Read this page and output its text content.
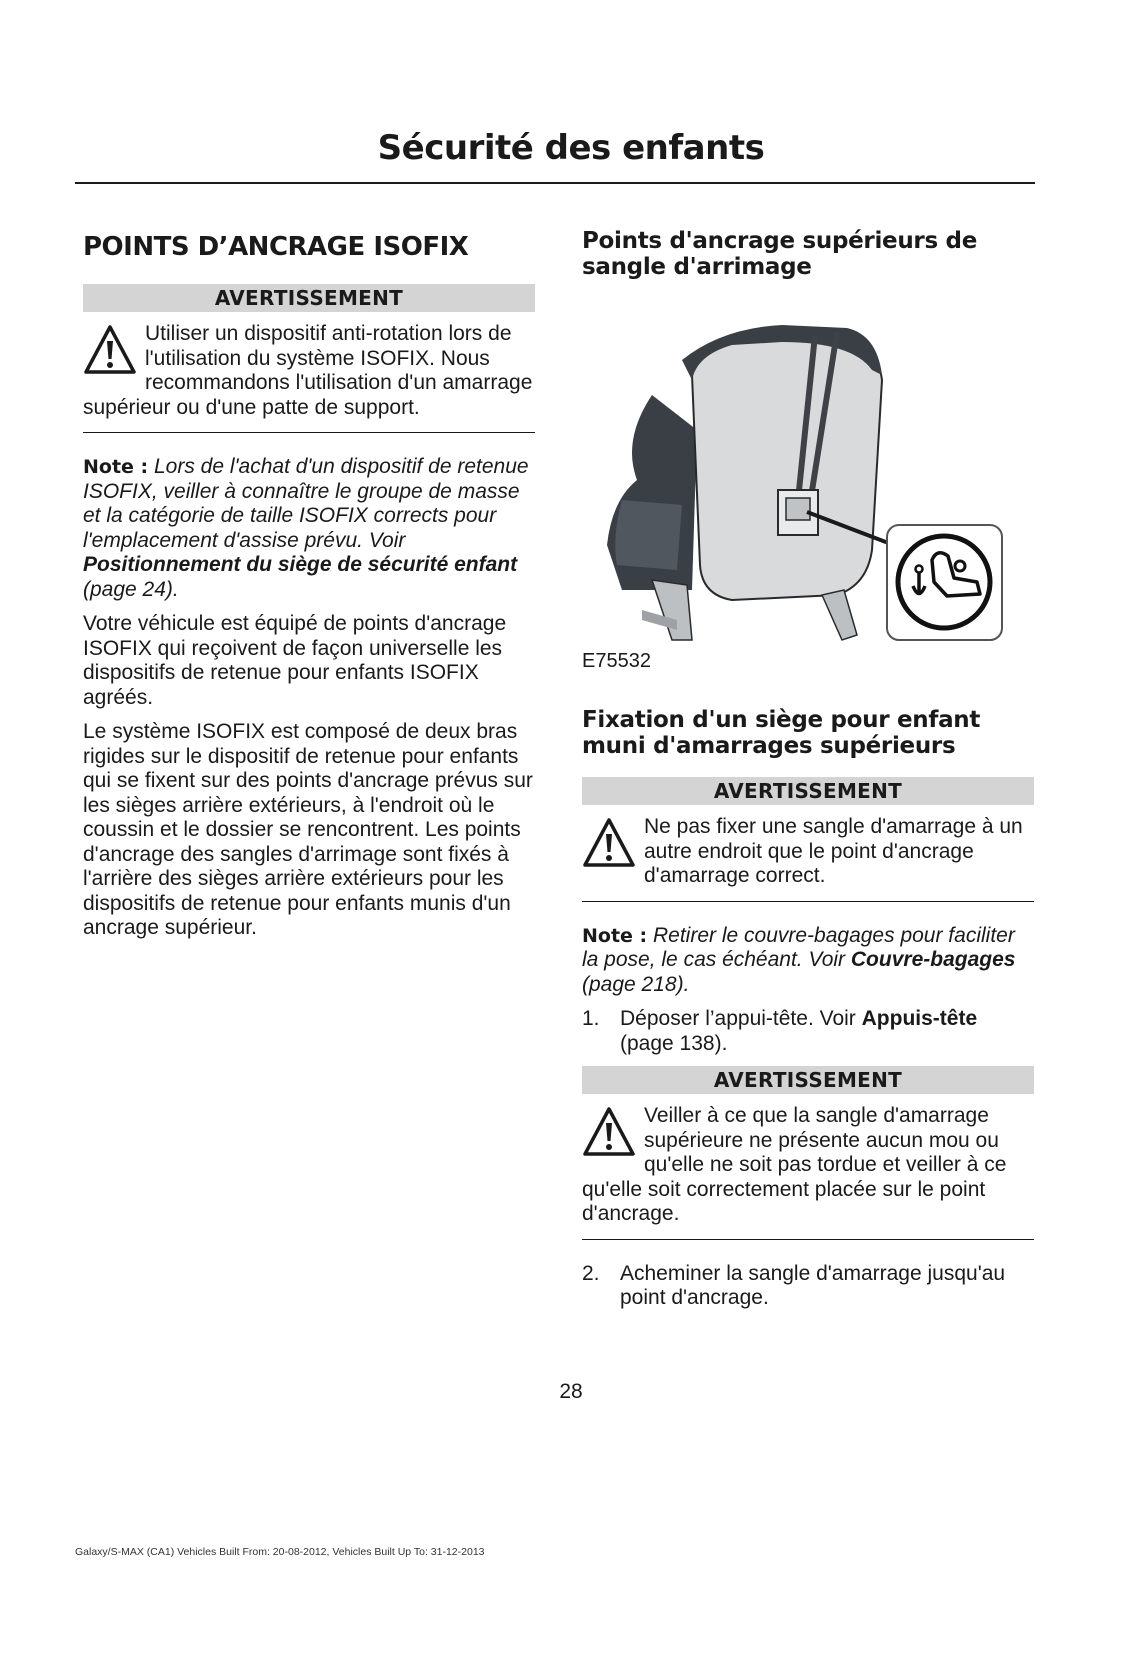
Sécurité des enfants
POINTS D’ANCRAGE ISOFIX
AVERTISSEMENT
Utiliser un dispositif anti-rotation lors de l'utilisation du système ISOFIX. Nous recommandons l'utilisation d'un amarrage supérieur ou d'une patte de support.

Note : Lors de l'achat d'un dispositif de retenue ISOFIX, veiller à connaître le groupe de masse et la catégorie de taille ISOFIX corrects pour l'emplacement d'assise prévu. Voir Positionnement du siège de sécurité enfant (page 24).

Votre véhicule est équipé de points d'ancrage ISOFIX qui reçoivent de façon universelle les dispositifs de retenue pour enfants ISOFIX agréés.

Le système ISOFIX est composé de deux bras rigides sur le dispositif de retenue pour enfants qui se fixent sur des points d'ancrage prévus sur les sièges arrière extérieurs, à l'endroit où le coussin et le dossier se rencontrent. Les points d'ancrage des sangles d'arrimage sont fixés à l'arrière des sièges arrière extérieurs pour les dispositifs de retenue pour enfants munis d'un ancrage supérieur.

Points d'ancrage supérieurs de sangle d'arrimage
E75532
Fixation d'un siège pour enfant muni d'amarrages supérieurs
AVERTISSEMENT
Ne pas fixer une sangle d'amarrage à un autre endroit que le point d'ancrage d'amarrage correct.

Note : Retirer le couvre-bagages pour faciliter la pose, le cas échéant. Voir Couvre-bagages (page 218).

1. Déposer l’appui-tête. Voir Appuis-tête (page 138).
AVERTISSEMENT
Veiller à ce que la sangle d'amarrage supérieure ne présente aucun mou ou qu'elle ne soit pas tordue et veiller à ce qu'elle soit correctement placée sur le point d'ancrage.
2. Acheminer la sangle d'amarrage jusqu'au point d'ancrage.
28
Galaxy/S-MAX (CA1) Vehicles Built From: 20-08-2012, Vehicles Built Up To: 31-12-2013
